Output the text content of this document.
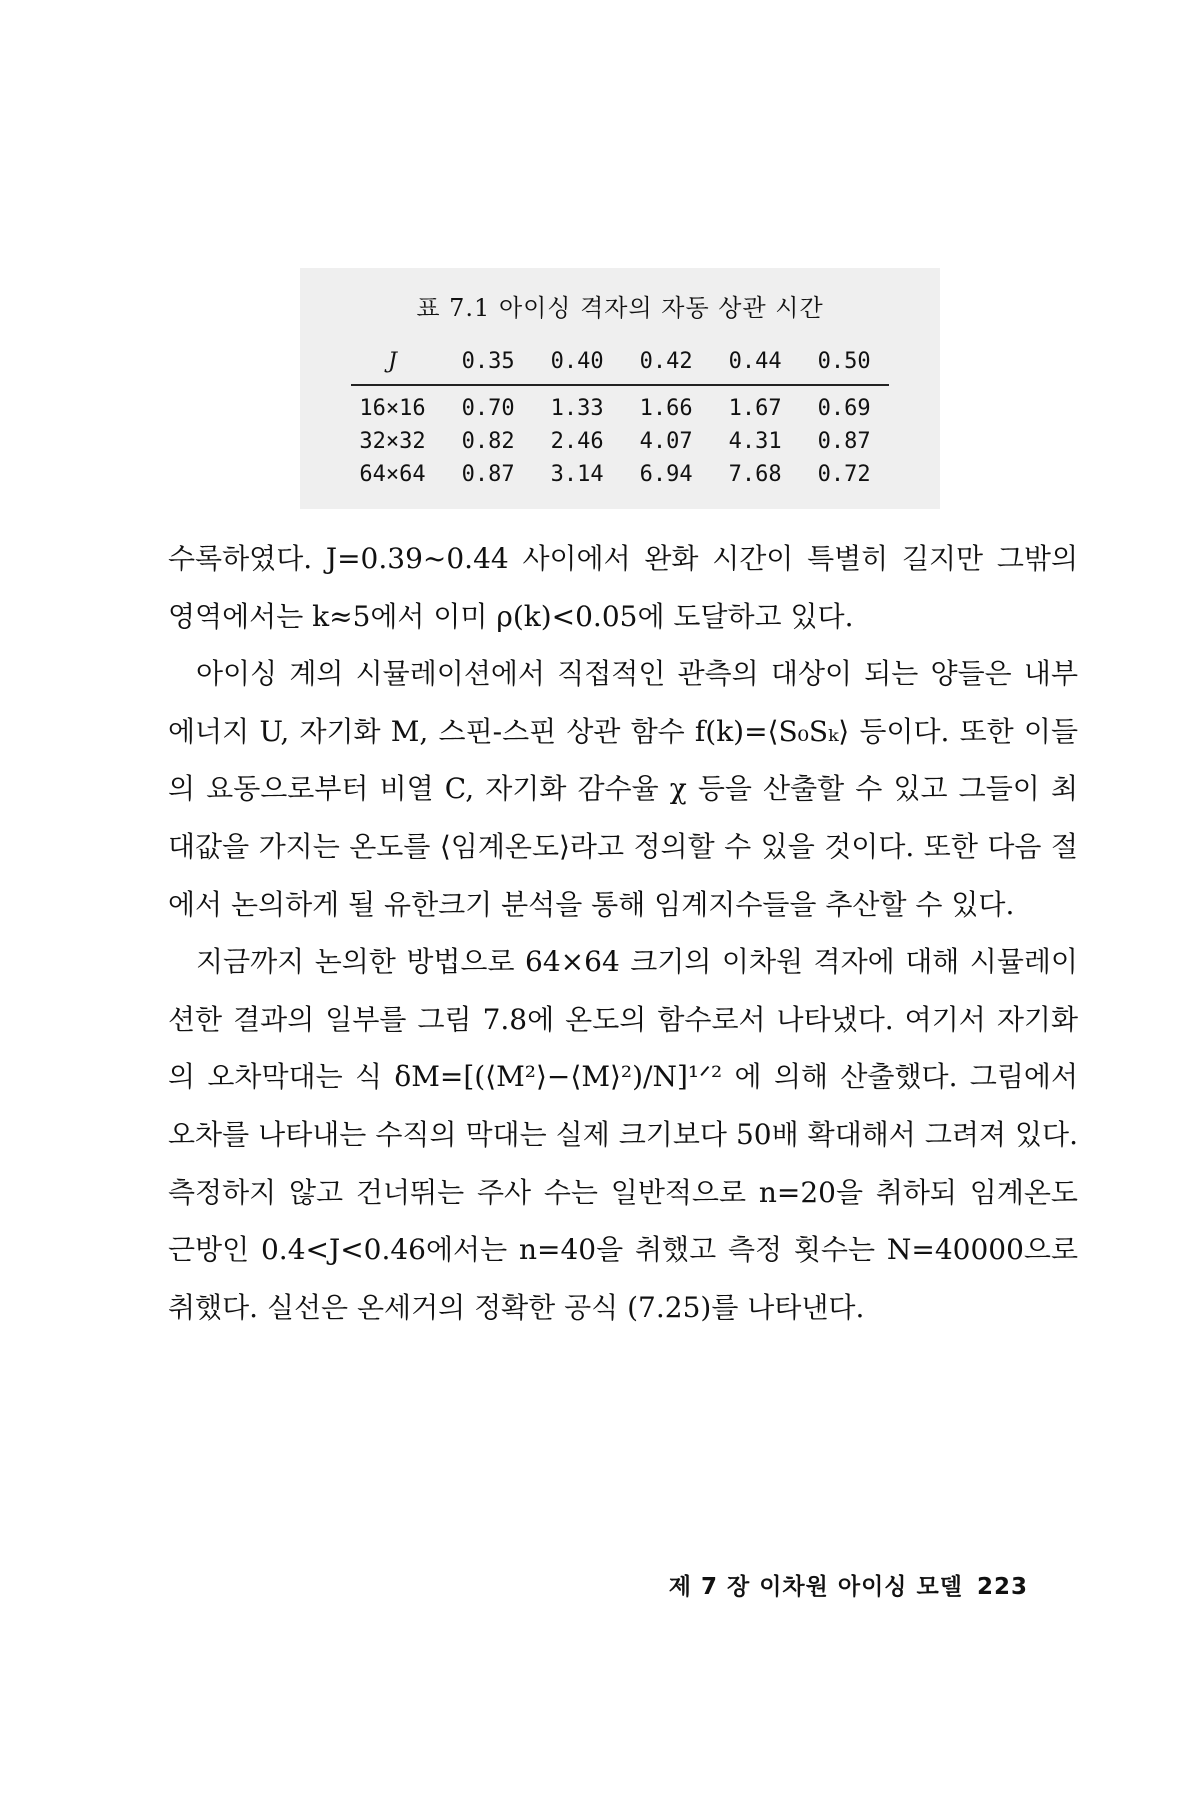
표 7.1 아이싱 격자의 자동 상관 시간
J	0.35	0.40	0.42	0.44	0.50
16×16	0.70	1.33	1.66	1.67	0.69
32×32	0.82	2.46	4.07	4.31	0.87
64×64	0.87	3.14	6.94	7.68	0.72

수록하였다. J=0.39~0.44 사이에서 완화 시간이 특별히 길지만 그밖의 영역에서는 k≈5에서 이미 ρ(k)<0.05에 도달하고 있다.

아이싱 계의 시뮬레이션에서 직접적인 관측의 대상이 되는 양들은 내부 에너지 U, 자기화 M, 스핀-스핀 상관 함수 f(k)=⟨S₀Sₖ⟩ 등이다. 또한 이들의 요동으로부터 비열 C, 자기화 감수율 χ 등을 산출할 수 있고 그들이 최대값을 가지는 온도를 ⟨임계온도⟩라고 정의할 수 있을 것이다. 또한 다음 절에서 논의하게 될 유한크기 분석을 통해 임계지수들을 추산할 수 있다.

지금까지 논의한 방법으로 64×64 크기의 이차원 격자에 대해 시뮬레이션한 결과의 일부를 그림 7.8에 온도의 함수로서 나타냈다. 여기서 자기화의 오차막대는 식 δM=[(⟨M²⟩−⟨M⟩²)/N]¹ᐟ² 에 의해 산출했다. 그림에서 오차를 나타내는 수직의 막대는 실제 크기보다 50배 확대해서 그려져 있다. 측정하지 않고 건너뛰는 주사 수는 일반적으로 n=20을 취하되 임계온도 근방인 0.4<J<0.46에서는 n=40을 취했고 측정 횟수는 N=40000으로 취했다. 실선은 온세거의 정확한 공식 (7.25)를 나타낸다.

제 7 장 이차원 아이싱 모델 223
